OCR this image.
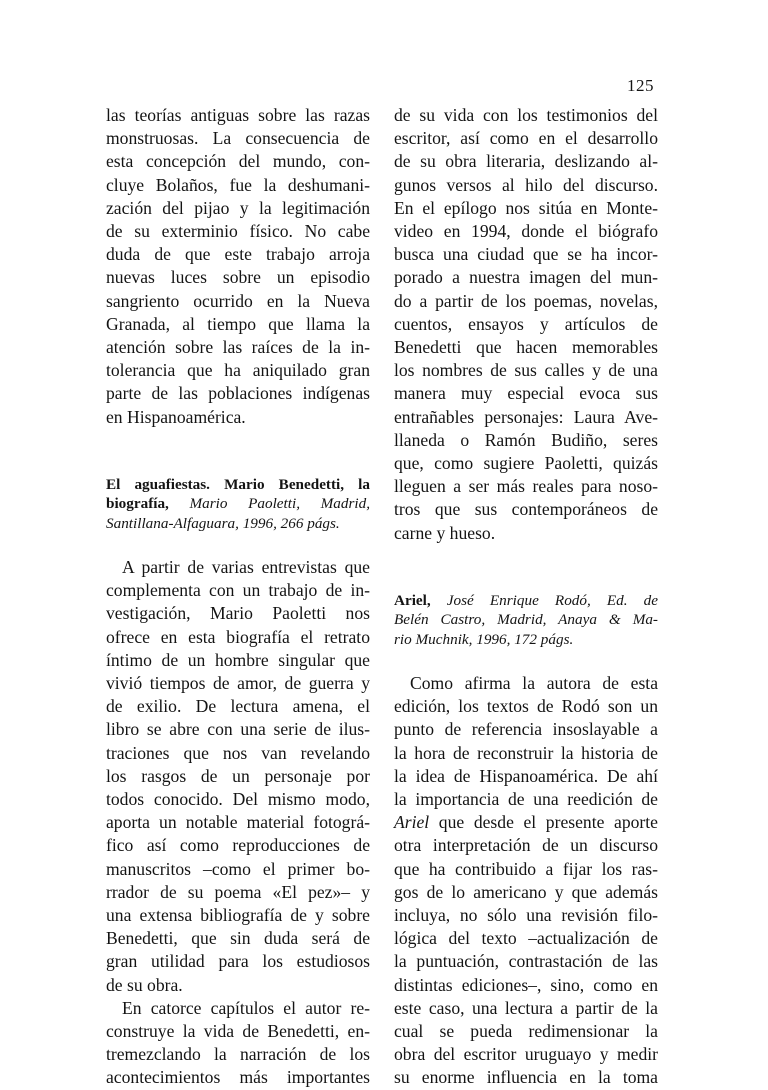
125
las teorías antiguas sobre las razas
monstruosas. La consecuencia de
esta concepción del mundo, con-
cluye Bolaños, fue la deshumani-
zación del pijao y la legitimación
de su exterminio físico. No cabe
duda de que este trabajo arroja
nuevas luces sobre un episodio
sangriento ocurrido en la Nueva
Granada, al tiempo que llama la
atención sobre las raíces de la in-
tolerancia que ha aniquilado gran
parte de las poblaciones indígenas
en Hispanoamérica.
El aguafiestas. Mario Benedetti, la
biografía, Mario Paoletti, Madrid,
Santillana-Alfaguara, 1996, 266 págs.
A partir de varias entrevistas que
complementa con un trabajo de in-
vestigación, Mario Paoletti nos
ofrece en esta biografía el retrato
íntimo de un hombre singular que
vivió tiempos de amor, de guerra y
de exilio. De lectura amena, el
libro se abre con una serie de ilus-
traciones que nos van revelando
los rasgos de un personaje por
todos conocido. Del mismo modo,
aporta un notable material fotográ-
fico así como reproducciones de
manuscritos –como el primer bo-
rrador de su poema «El pez»– y
una extensa bibliografía de y sobre
Benedetti, que sin duda será de
gran utilidad para los estudiosos
de su obra.
En catorce capítulos el autor re-
construye la vida de Benedetti, en-
tremezclando la narración de los
acontecimientos más importantes
de su vida con los testimonios del
escritor, así como en el desarrollo
de su obra literaria, deslizando al-
gunos versos al hilo del discurso.
En el epílogo nos sitúa en Monte-
video en 1994, donde el biógrafo
busca una ciudad que se ha incor-
porado a nuestra imagen del mun-
do a partir de los poemas, novelas,
cuentos, ensayos y artículos de
Benedetti que hacen memorables
los nombres de sus calles y de una
manera muy especial evoca sus
entrañables personajes: Laura Ave-
llaneda o Ramón Budiño, seres
que, como sugiere Paoletti, quizás
lleguen a ser más reales para noso-
tros que sus contemporáneos de
carne y hueso.
Ariel, José Enrique Rodó, Ed. de
Belén Castro, Madrid, Anaya & Ma-
rio Muchnik, 1996, 172 págs.
Como afirma la autora de esta
edición, los textos de Rodó son un
punto de referencia insoslayable a
la hora de reconstruir la historia de
la idea de Hispanoamérica. De ahí
la importancia de una reedición de
Ariel que desde el presente aporte
otra interpretación de un discurso
que ha contribuido a fijar los ras-
gos de lo americano y que además
incluya, no sólo una revisión filo-
lógica del texto –actualización de
la puntuación, contrastación de las
distintas ediciones–, sino, como en
este caso, una lectura a partir de la
cual se pueda redimensionar la
obra del escritor uruguayo y medir
su enorme influencia en la toma
